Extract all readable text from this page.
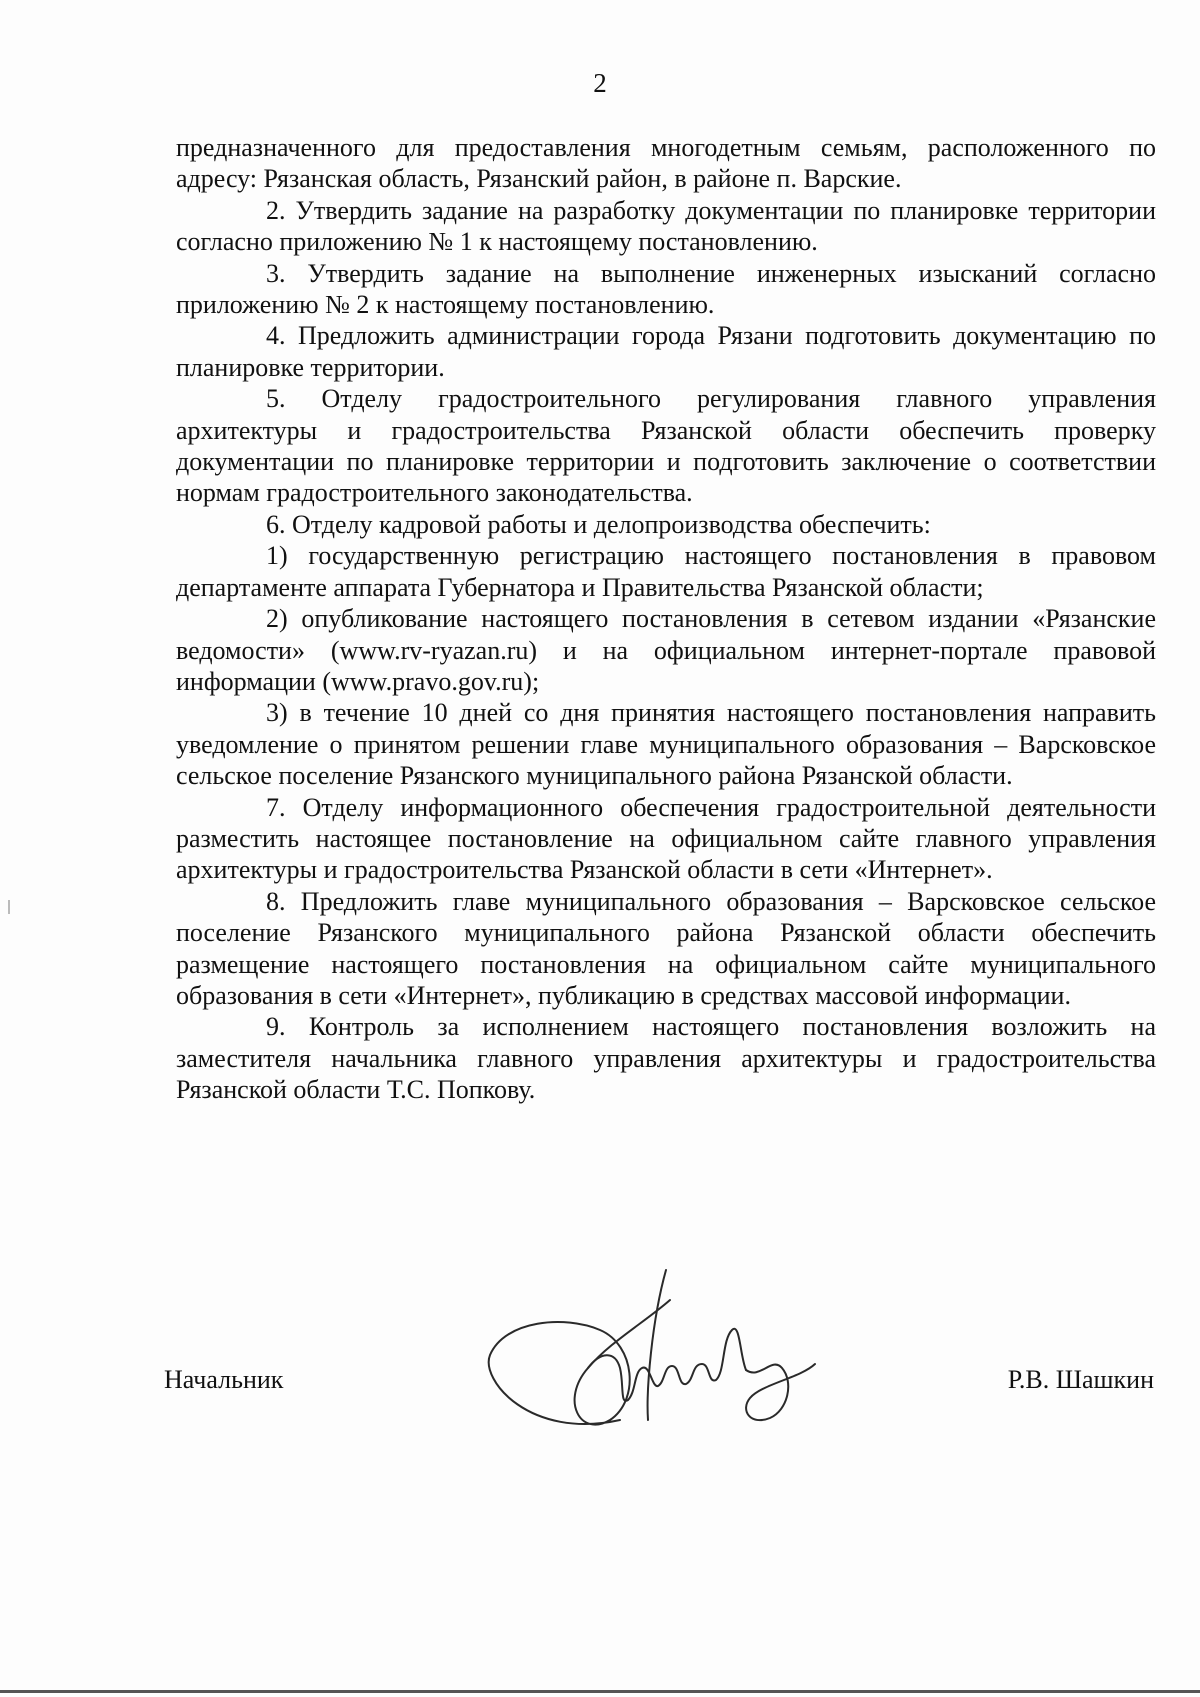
2

предназначенного для предоставления многодетным семьям, расположенного по адресу: Рязанская область, Рязанский район, в районе п. Варские.

2. Утвердить задание на разработку документации по планировке территории согласно приложению № 1 к настоящему постановлению.

3. Утвердить задание на выполнение инженерных изысканий согласно приложению № 2 к настоящему постановлению.

4. Предложить администрации города Рязани подготовить документацию по планировке территории.

5. Отделу градостроительного регулирования главного управления архитектуры и градостроительства Рязанской области обеспечить проверку документации по планировке территории и подготовить заключение о соответствии нормам градостроительного законодательства.

6. Отделу кадровой работы и делопроизводства обеспечить:

1) государственную регистрацию настоящего постановления в правовом департаменте аппарата Губернатора и Правительства Рязанской области;

2) опубликование настоящего постановления в сетевом издании «Рязанские ведомости» (www.rv-ryazan.ru) и на официальном интернет-портале правовой информации (www.pravo.gov.ru);

3) в течение 10 дней со дня принятия настоящего постановления направить уведомление о принятом решении главе муниципального образования – Варсковское сельское поселение Рязанского муниципального района Рязанской области.

7. Отделу информационного обеспечения градостроительной деятельности разместить настоящее постановление на официальном сайте главного управления архитектуры и градостроительства Рязанской области в сети «Интернет».

8. Предложить главе муниципального образования – Варсковское сельское поселение Рязанского муниципального района Рязанской области обеспечить размещение настоящего постановления на официальном сайте муниципального образования в сети «Интернет», публикацию в средствах массовой информации.

9. Контроль за исполнением настоящего постановления возложить на заместителя начальника главного управления архитектуры и градостроительства Рязанской области Т.С. Попкову.

Начальник	Р.В. Шашкин
